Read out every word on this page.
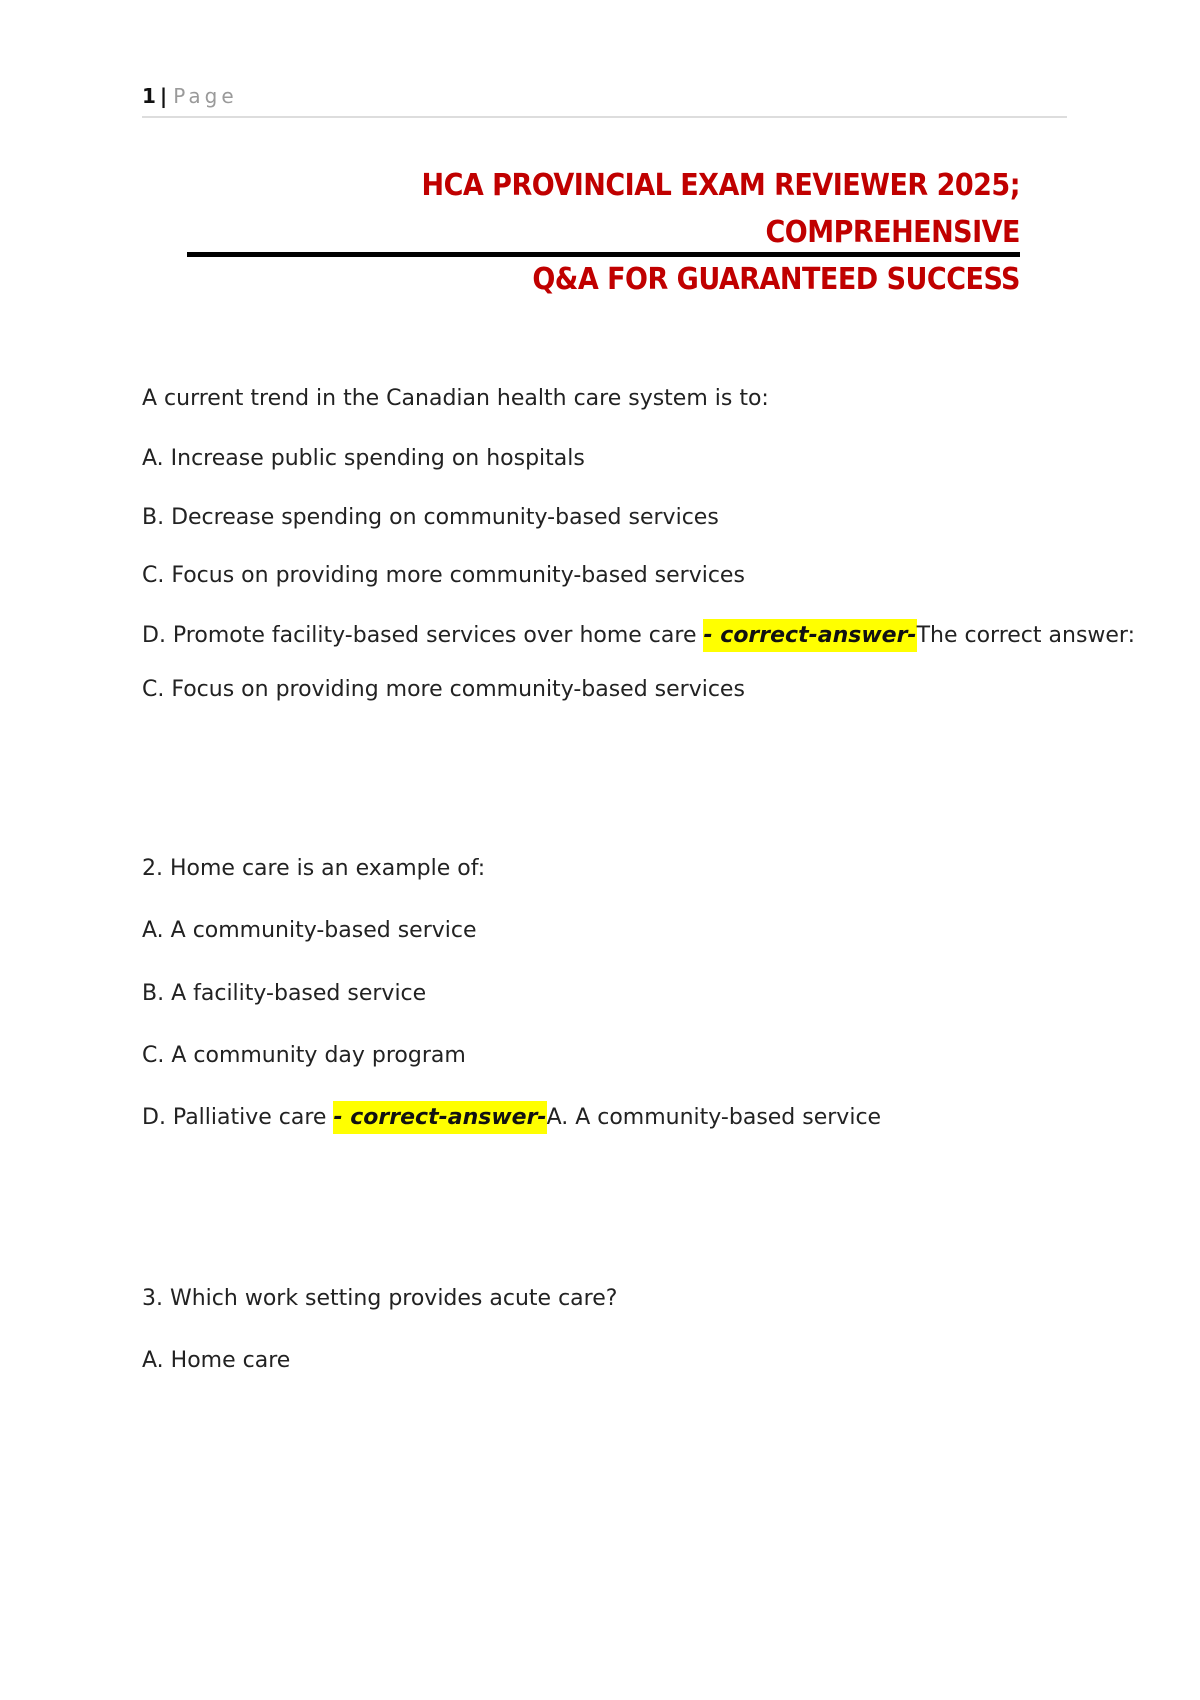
1 | Page
HCA PROVINCIAL EXAM REVIEWER 2025; COMPREHENSIVE
Q&A FOR GUARANTEED SUCCESS
A current trend in the Canadian health care system is to:
A. Increase public spending on hospitals
B. Decrease spending on community-based services
C. Focus on providing more community-based services
D. Promote facility-based services over home care - correct-answer-The correct answer:
C. Focus on providing more community-based services
2. Home care is an example of:
A. A community-based service
B. A facility-based service
C. A community day program
D. Palliative care - correct-answer-A. A community-based service
3. Which work setting provides acute care?
A. Home care
